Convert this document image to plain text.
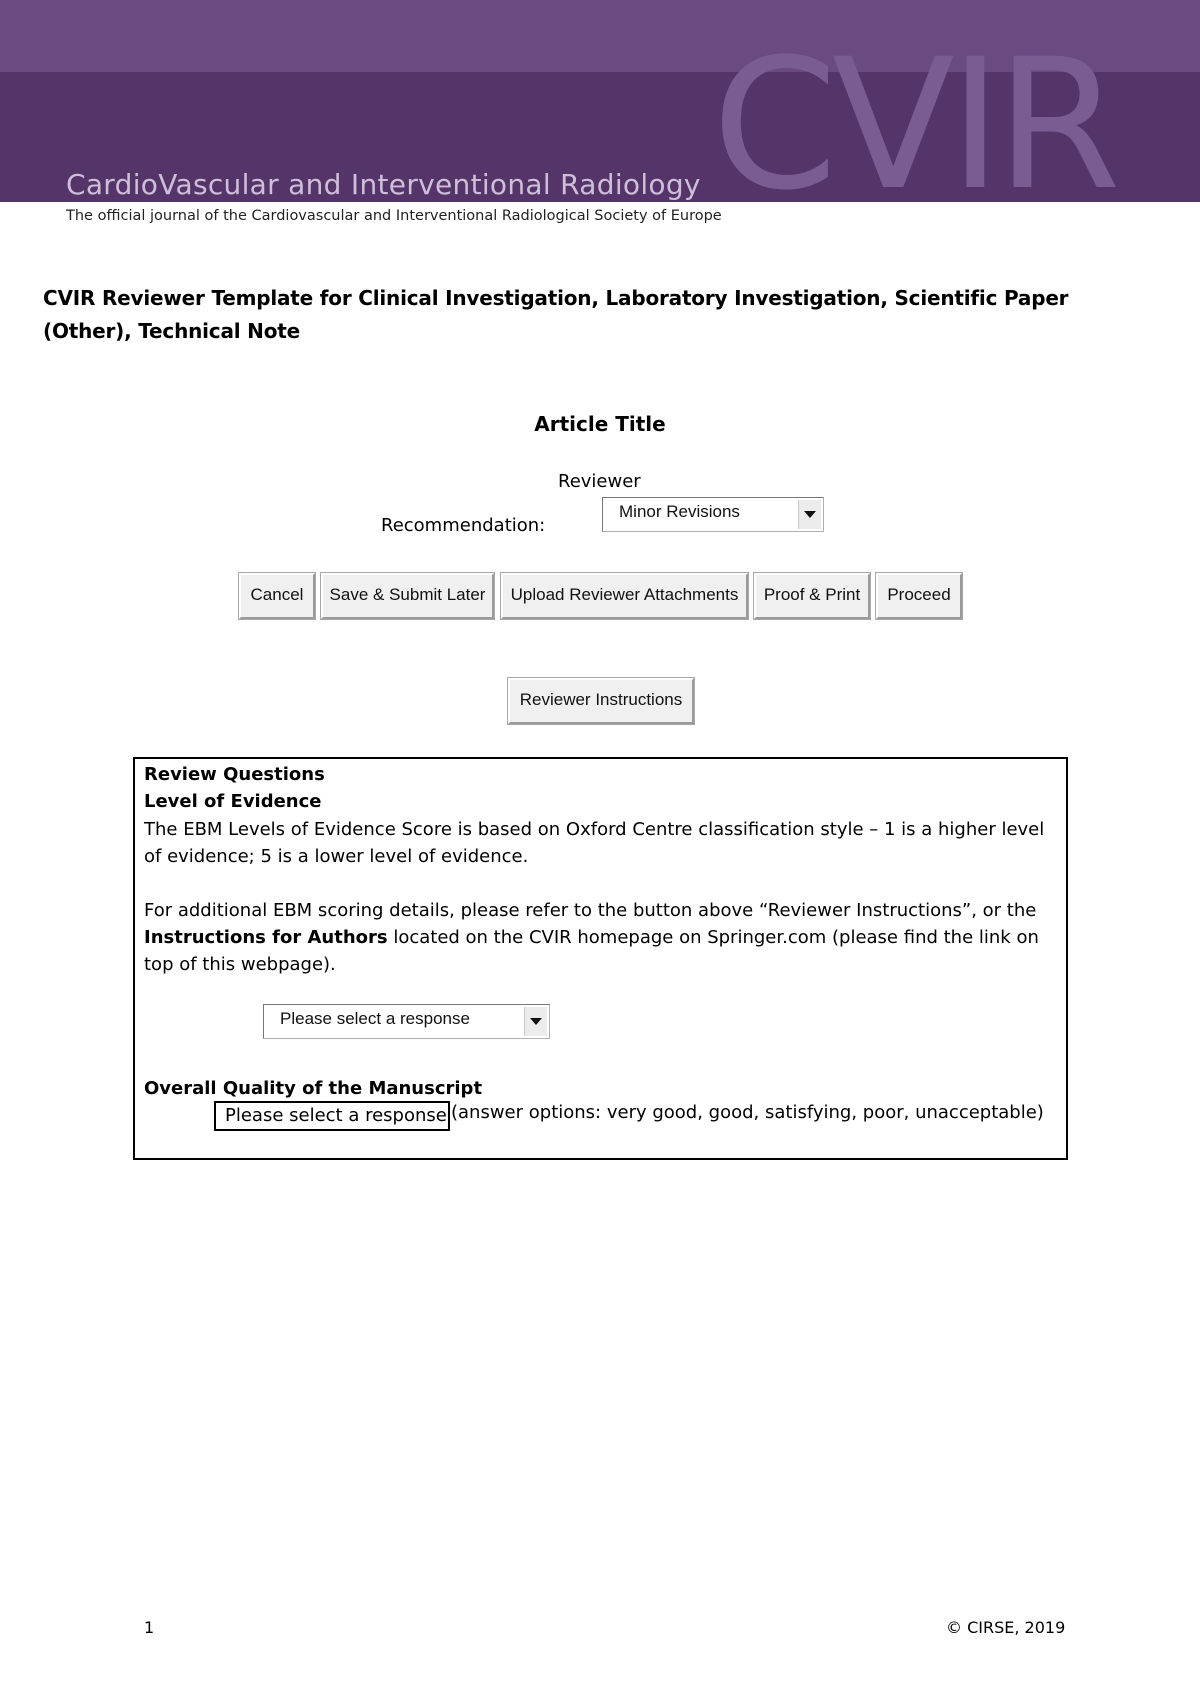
CVIR
CardioVascular and Interventional Radiology
The official journal of the Cardiovascular and Interventional Radiological Society of Europe
CVIR Reviewer Template for Clinical Investigation, Laboratory Investigation, Scientific Paper (Other), Technical Note
Article Title
Reviewer
Recommendation:
Minor Revisions
Cancel	Save & Submit Later	Upload Reviewer Attachments	Proof & Print	Proceed
Reviewer Instructions
Review Questions
Level of Evidence
The EBM Levels of Evidence Score is based on Oxford Centre classification style – 1 is a higher level of evidence; 5 is a lower level of evidence.
For additional EBM scoring details, please refer to the button above “Reviewer Instructions”, or the Instructions for Authors located on the CVIR homepage on Springer.com (please find the link on top of this webpage).
Please select a response
Overall Quality of the Manuscript
Please select a response (answer options: very good, good, satisfying, poor, unacceptable)
1	© CIRSE, 2019
